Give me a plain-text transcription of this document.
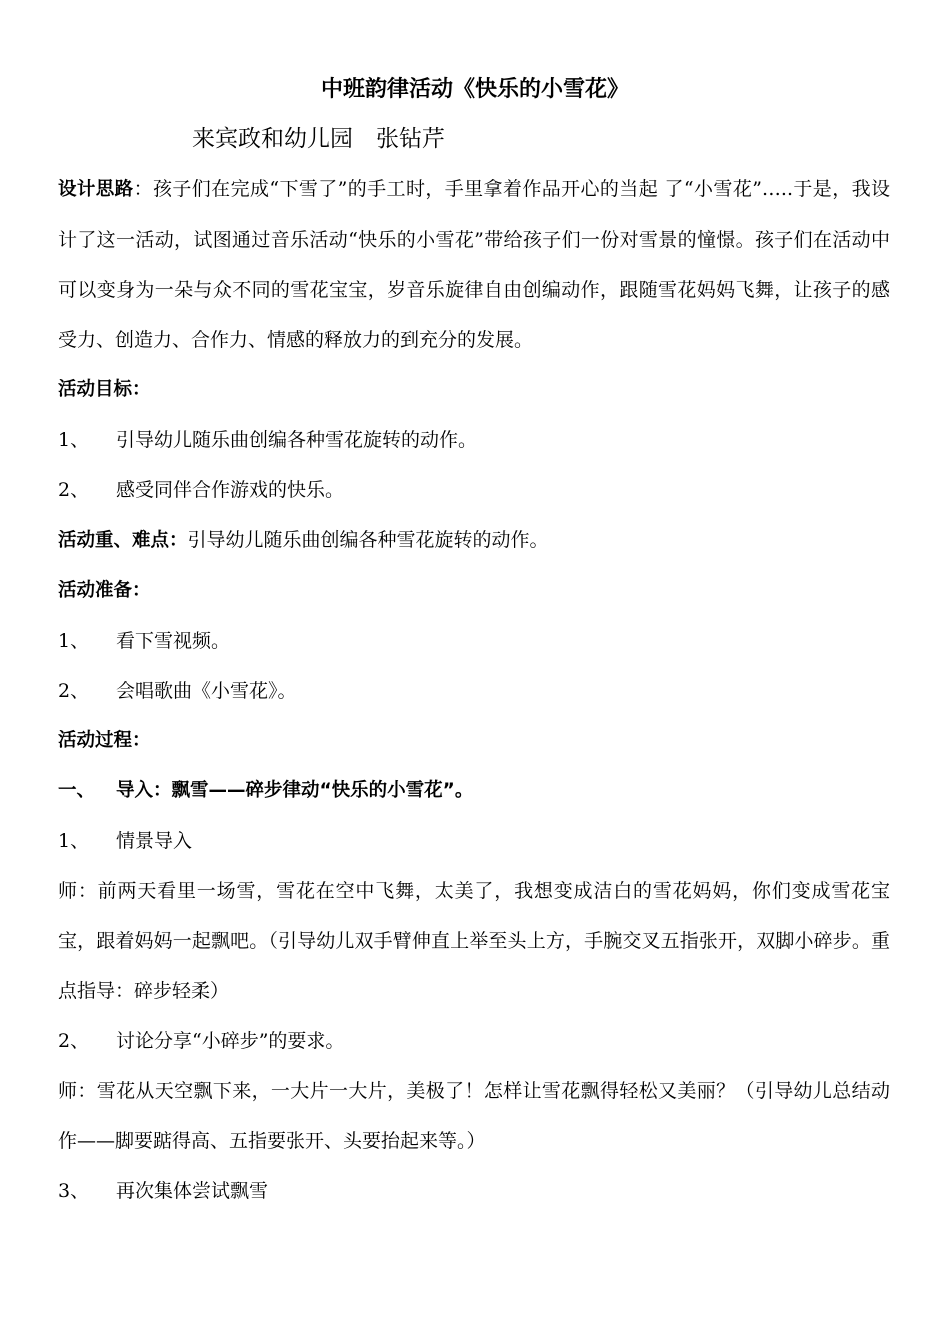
中班韵律活动《快乐的小雪花》
来宾政和幼儿园　张钻芹

设计思路：孩子们在完成“下雪了”的手工时，手里拿着作品开心的当起 了“小雪花”…..于是，我设计了这一活动，试图通过音乐活动“快乐的小雪花”带给孩子们一份对雪景的憧憬。孩子们在活动中可以变身为一朵与众不同的雪花宝宝，岁音乐旋律自由创编动作，跟随雪花妈妈飞舞，让孩子的感受力、创造力、合作力、情感的释放力的到充分的发展。

活动目标：

1、 引导幼儿随乐曲创编各种雪花旋转的动作。

2、 感受同伴合作游戏的快乐。

活动重、难点：引导幼儿随乐曲创编各种雪花旋转的动作。

活动准备：

1、 看下雪视频。

2、 会唱歌曲《小雪花》。

活动过程：

一、 导入：飘雪——碎步律动“快乐的小雪花”。

1、 情景导入

师：前两天看里一场雪，雪花在空中飞舞，太美了，我想变成洁白的雪花妈妈，你们变成雪花宝宝，跟着妈妈一起飘吧。（引导幼儿双手臂伸直上举至头上方，手腕交叉五指张开，双脚小碎步。重点指导：碎步轻柔）

2、 讨论分享“小碎步”的要求。

师：雪花从天空飘下来，一大片一大片，美极了！怎样让雪花飘得轻松又美丽？（引导幼儿总结动作——脚要踮得高、五指要张开、头要抬起来等。）

3、 再次集体尝试飘雪
